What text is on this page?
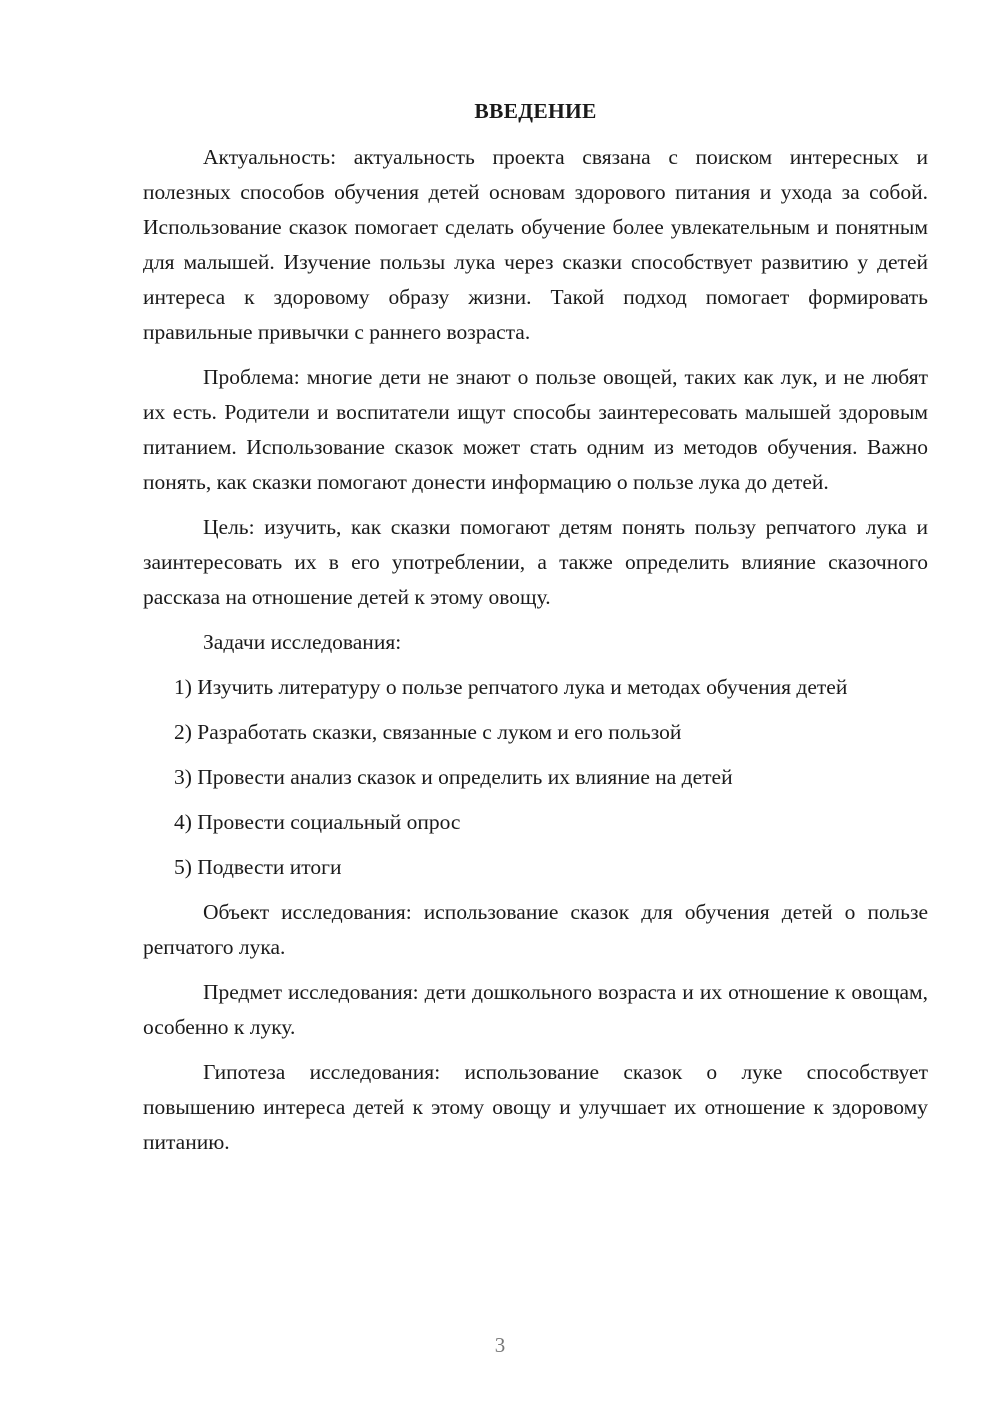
ВВЕДЕНИЕ

Актуальность: актуальность проекта связана с поиском интересных и полезных способов обучения детей основам здорового питания и ухода за собой. Использование сказок помогает сделать обучение более увлекательным и понятным для малышей. Изучение пользы лука через сказки способствует развитию у детей интереса к здоровому образу жизни. Такой подход помогает формировать правильные привычки с раннего возраста.

Проблема: многие дети не знают о пользе овощей, таких как лук, и не любят их есть. Родители и воспитатели ищут способы заинтересовать малышей здоровым питанием. Использование сказок может стать одним из методов обучения. Важно понять, как сказки помогают донести информацию о пользе лука до детей.

Цель: изучить, как сказки помогают детям понять пользу репчатого лука и заинтересовать их в его употреблении, а также определить влияние сказочного рассказа на отношение детей к этому овощу.

Задачи исследования:

1) Изучить литературу о пользе репчатого лука и методах обучения детей

2) Разработать сказки, связанные с луком и его пользой

3) Провести анализ сказок и определить их влияние на детей

4) Провести социальный опрос

5) Подвести итоги

Объект исследования: использование сказок для обучения детей о пользе репчатого лука.

Предмет исследования: дети дошкольного возраста и их отношение к овощам, особенно к луку.

Гипотеза исследования: использование сказок о луке способствует повышению интереса детей к этому овощу и улучшает их отношение к здоровому питанию.

3
